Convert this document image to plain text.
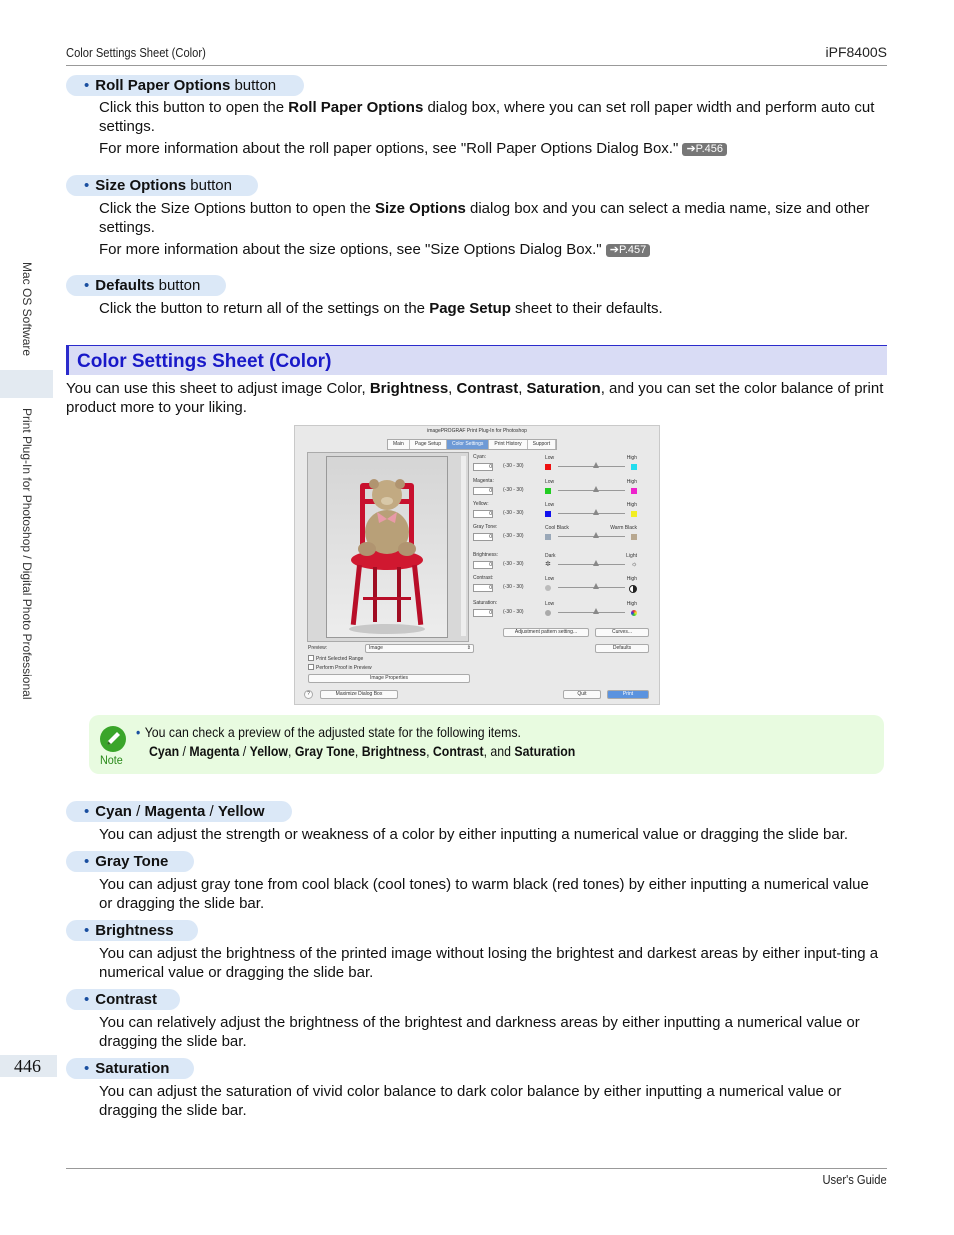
Color Settings Sheet (Color)	iPF8400S
Mac OS Software
Print Plug-In for Photoshop / Digital Photo Professional
446
• Roll Paper Options button
Click this button to open the Roll Paper Options dialog box, where you can set roll paper width and perform auto cut settings.
For more information about the roll paper options, see "Roll Paper Options Dialog Box." ➔P.456
• Size Options button
Click the Size Options button to open the Size Options dialog box and you can select a media name, size and other settings.
For more information about the size options, see "Size Options Dialog Box." ➔P.457
• Defaults button
Click the button to return all of the settings on the Page Setup sheet to their defaults.
Color Settings Sheet (Color)
You can use this sheet to adjust image Color, Brightness, Contrast, Saturation, and you can set the color balance of print product more to your liking.
imagePROGRAF Print Plug-In for Photoshop
Main	Page Setup	Color Settings	Print History	Support
Cyan:
0 (-30 - 30)
Low	High
Magenta:
0 (-30 - 30)
Low	High
Yellow:
0 (-30 - 30)
Low	High
Gray Tone:
0 (-30 - 30)
Cool Black	Warm Black
Brightness:
0 (-30 - 30)
Dark	Light
✲	☼
Contrast:
0 (-30 - 30)
Low	High
Saturation:
0 (-30 - 30)
Low	High
Adjustment pattern setting...	Curves...
Preview:	Image	⇕	Defaults
Print Selected Range
Perform Proof in Preview
Image Properties
?	Maximize Dialog Box	Quit	Print
Note
• You can check a preview of the adjusted state for the following items.
Cyan / Magenta / Yellow, Gray Tone, Brightness, Contrast, and Saturation
• Cyan / Magenta / Yellow
You can adjust the strength or weakness of a color by either inputting a numerical value or dragging the slide bar.
• Gray Tone
You can adjust gray tone from cool black (cool tones) to warm black (red tones) by either inputting a numerical value or dragging the slide bar.
• Brightness
You can adjust the brightness of the printed image without losing the brightest and darkest areas by either input-ting a numerical value or dragging the slide bar.
• Contrast
You can relatively adjust the brightness of the brightest and darkness areas by either inputting a numerical value or dragging the slide bar.
• Saturation
You can adjust the saturation of vivid color balance to dark color balance by either inputting a numerical value or dragging the slide bar.
User's Guide
